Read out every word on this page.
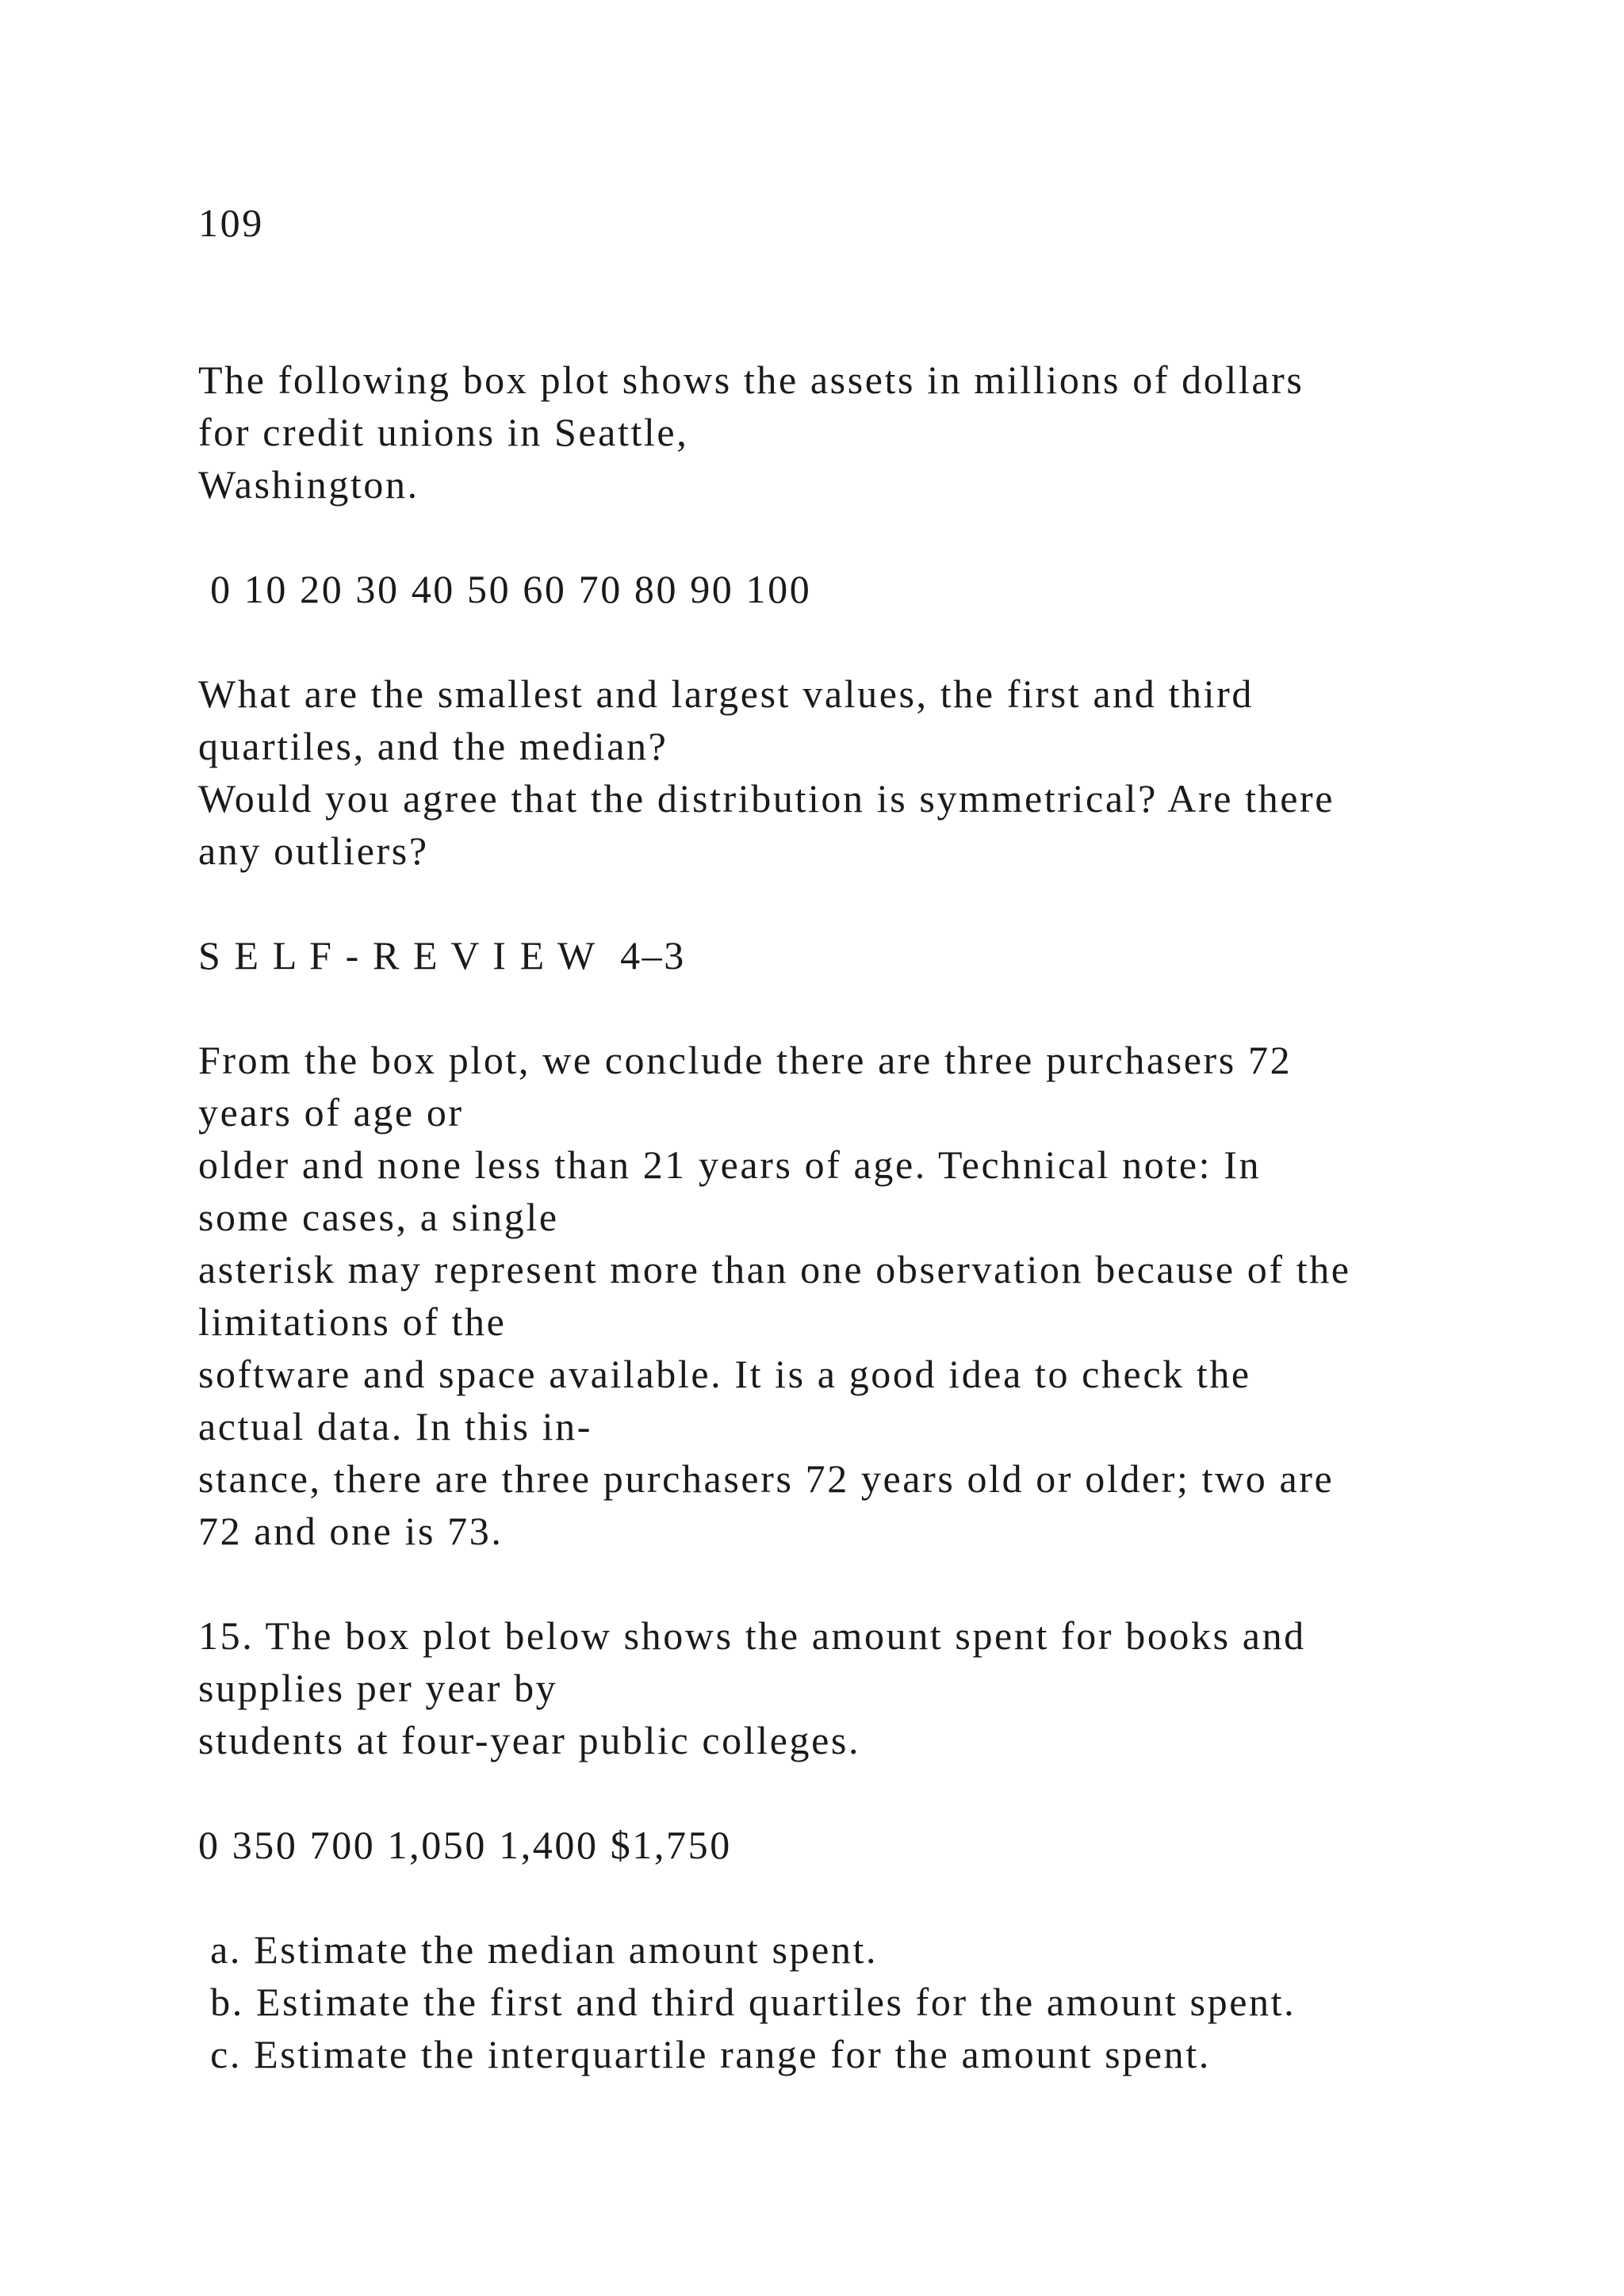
109

The following box plot shows the assets in millions of dollars

for credit unions in Seattle,

Washington.

0 10 20 30 40 50 60 70 80 90 100

What are the smallest and largest values, the first and third

quartiles, and the median?

Would you agree that the distribution is symmetrical? Are there

any outliers?

S E L F - R E V I E W  4–3

From the box plot, we conclude there are three purchasers 72

years of age or

older and none less than 21 years of age. Technical note: In

some cases, a single

asterisk may represent more than one observation because of the

limitations of the

software and space available. It is a good idea to check the

actual data. In this in-

stance, there are three purchasers 72 years old or older; two are

72 and one is 73.

15. The box plot below shows the amount spent for books and

supplies per year by

students at four-year public colleges.

0 350 700 1,050 1,400 $1,750

a. Estimate the median amount spent.

b. Estimate the first and third quartiles for the amount spent.

c. Estimate the interquartile range for the amount spent.
